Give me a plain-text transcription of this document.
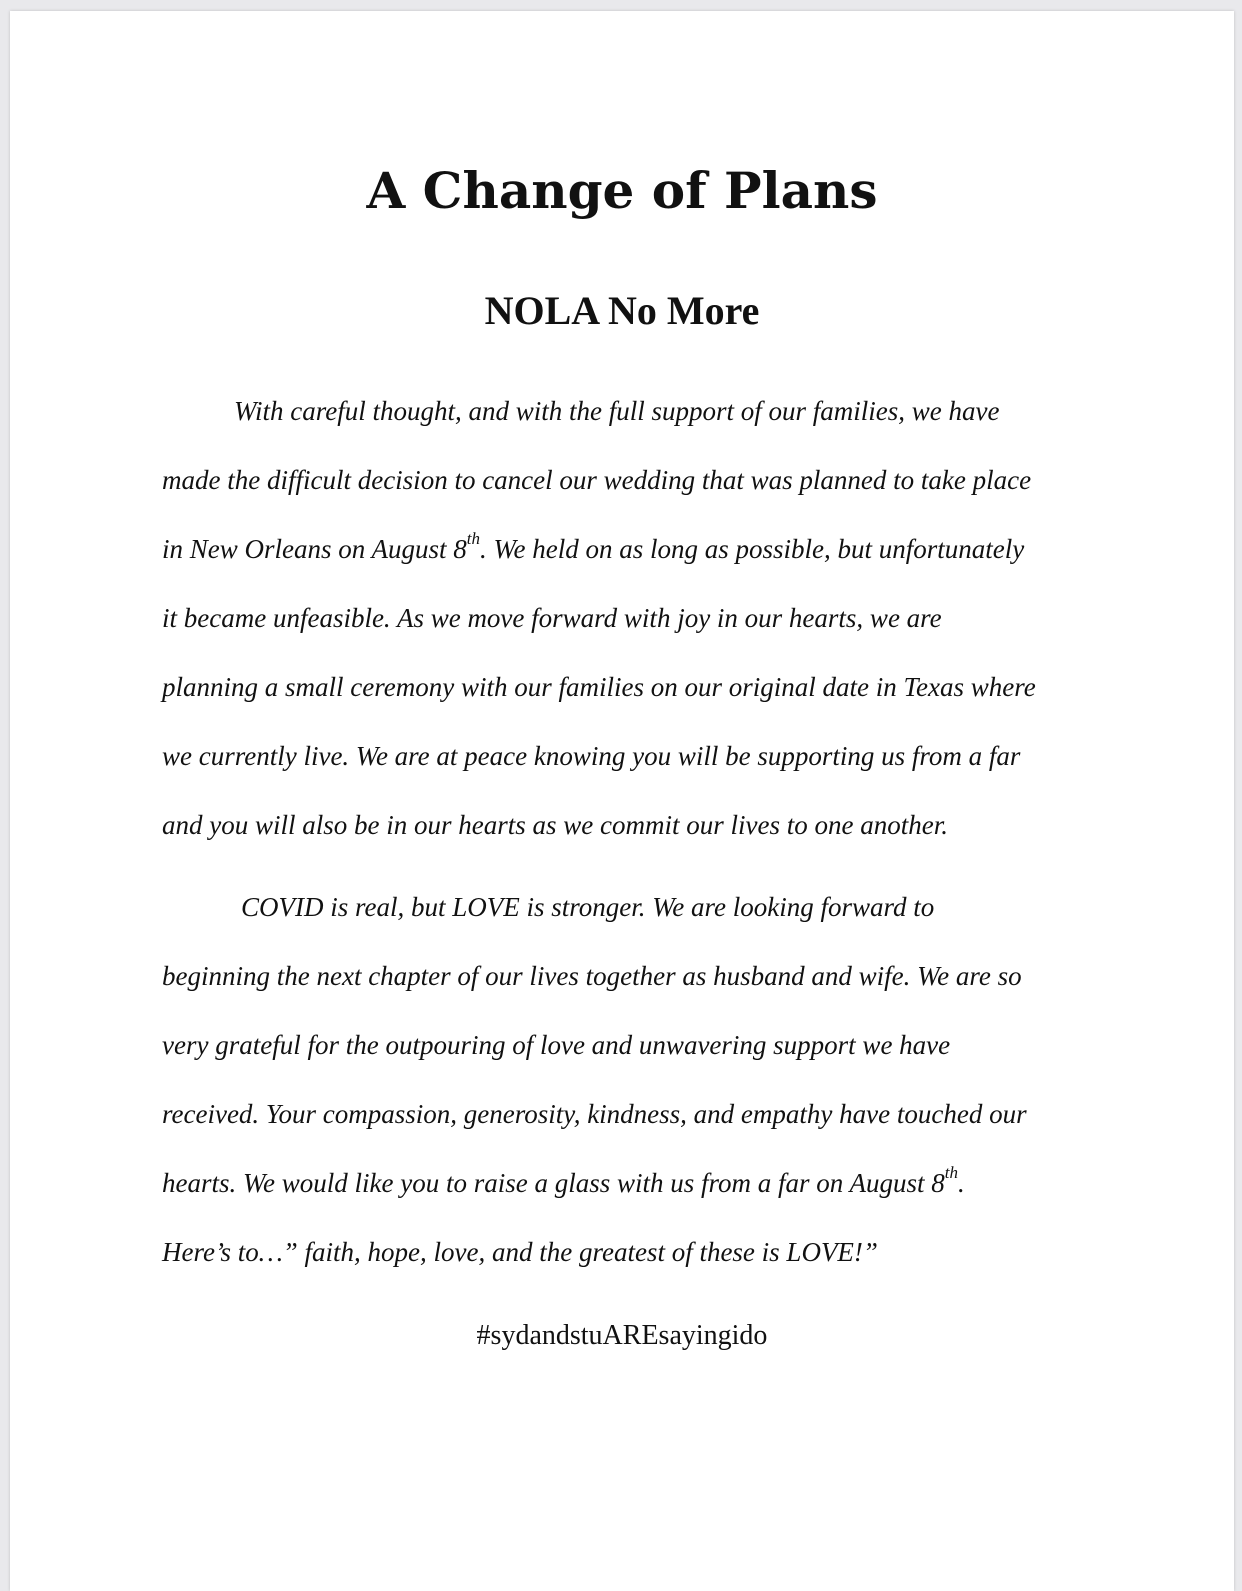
A Change of Plans
NOLA No More
With careful thought, and with the full support of our families, we have
made the difficult decision to cancel our wedding that was planned to take place
in New Orleans on August 8th. We held on as long as possible, but unfortunately
it became unfeasible. As we move forward with joy in our hearts, we are
planning a small ceremony with our families on our original date in Texas where
we currently live. We are at peace knowing you will be supporting us from a far
and you will also be in our hearts as we commit our lives to one another.
COVID is real, but LOVE is stronger. We are looking forward to
beginning the next chapter of our lives together as husband and wife. We are so
very grateful for the outpouring of love and unwavering support we have
received. Your compassion, generosity, kindness, and empathy have touched our
hearts. We would like you to raise a glass with us from a far on August 8th.
Here’s to…” faith, hope, love, and the greatest of these is LOVE!”

#sydandstuAREsayingido
